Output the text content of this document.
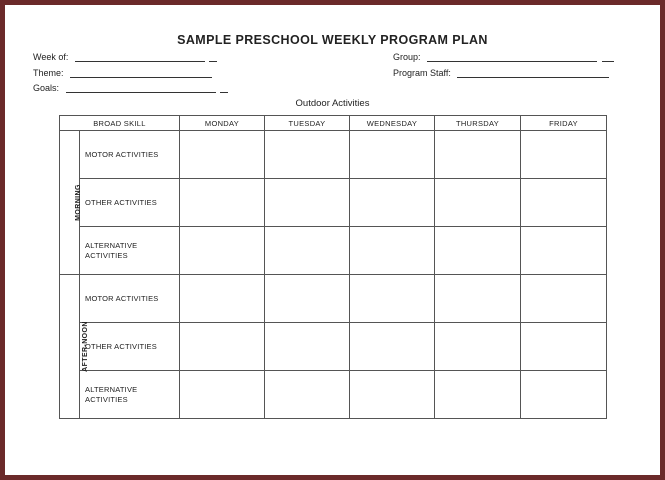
SAMPLE PRESCHOOL WEEKLY PROGRAM PLAN
Week of:	Group:
Theme:	Program Staff:
Goals:
Outdoor Activities
BROAD SKILL		MONDAY	TUESDAY	WEDNESDAY	THURSDAY	FRIDAY
MORNING	MOTOR ACTIVITIES					
	OTHER ACTIVITIES					
	ALTERNATIVE ACTIVITIES					
AFTER-NOON	MOTOR ACTIVITIES					
	OTHER ACTIVITIES					
	ALTERNATIVE ACTIVITIES					
